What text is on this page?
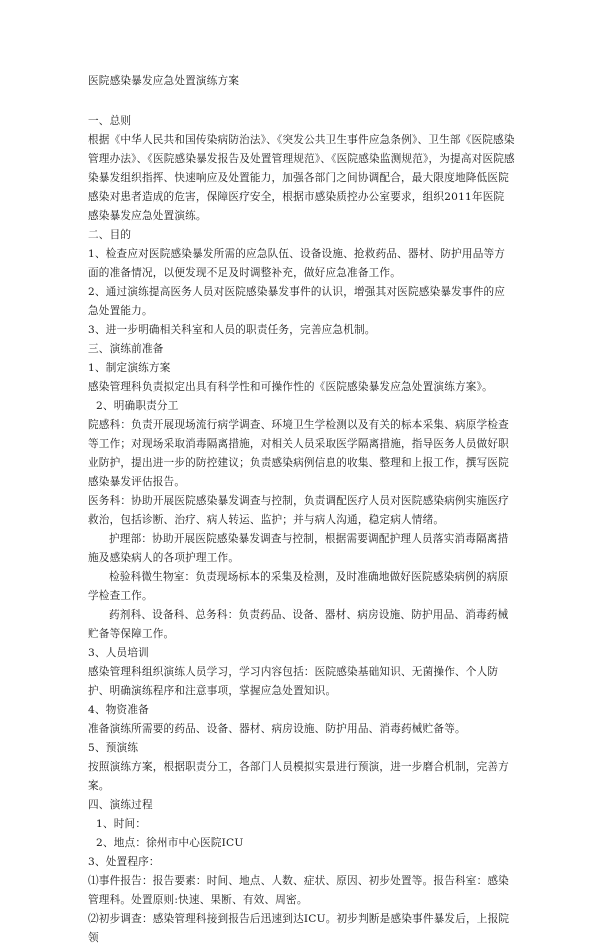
医院感染暴发应急处置演练方案

一、总则

根据《中华人民共和国传染病防治法》、《突发公共卫生事件应急条例》、卫生部《医院感染管理办法》、《医院感染暴发报告及处置管理规范》、《医院感染监测规范》，为提高对医院感染暴发组织指挥、快速响应及处置能力，加强各部门之间协调配合，最大限度地降低医院感染对患者造成的危害，保障医疗安全，根据市感染质控办公室要求，组织2011年医院感染暴发应急处置演练。

二、目的

1、检查应对医院感染暴发所需的应急队伍、设备设施、抢救药品、器材、防护用品等方面的准备情况，以便发现不足及时调整补充，做好应急准备工作。

2、通过演练提高医务人员对医院感染暴发事件的认识，增强其对医院感染暴发事件的应急处置能力。

3、进一步明确相关科室和人员的职责任务，完善应急机制。

三、演练前准备

1、制定演练方案

感染管理科负责拟定出具有科学性和可操作性的《医院感染暴发应急处置演练方案》。

2、明确职责分工

院感科：负责开展现场流行病学调查、环境卫生学检测以及有关的标本采集、病原学检查等工作；对现场采取消毒隔离措施，对相关人员采取医学隔离措施，指导医务人员做好职业防护，提出进一步的防控建议；负责感染病例信息的收集、整理和上报工作，撰写医院感染暴发评估报告。

医务科：协助开展医院感染暴发调查与控制，负责调配医疗人员对医院感染病例实施医疗救治，包括诊断、治疗、病人转运、监护；并与病人沟通，稳定病人情绪。

护理部：协助开展医院感染暴发调查与控制，根据需要调配护理人员落实消毒隔离措施及感染病人的各项护理工作。

检验科微生物室：负责现场标本的采集及检测，及时准确地做好医院感染病例的病原学检查工作。

药剂科、设备科、总务科：负责药品、设备、器材、病房设施、防护用品、消毒药械贮备等保障工作。

3、人员培训

感染管理科组织演练人员学习，学习内容包括：医院感染基础知识、无菌操作、个人防护、明确演练程序和注意事项，掌握应急处置知识。

4、物资准备

准备演练所需要的药品、设备、器材、病房设施、防护用品、消毒药械贮备等。

5、预演练

按照演练方案，根据职责分工，各部门人员模拟实景进行预演，进一步磨合机制，完善方案。

四、演练过程

1、时间：

2、地点：徐州市中心医院ICU

3、处置程序：

⑴事件报告：报告要素：时间、地点、人数、症状、原因、初步处置等。报告科室：感染管理科。处置原则:快速、果断、有效、周密。

⑵初步调查：感染管理科接到报告后迅速到达ICU。初步判断是感染事件暴发后，上报院领
